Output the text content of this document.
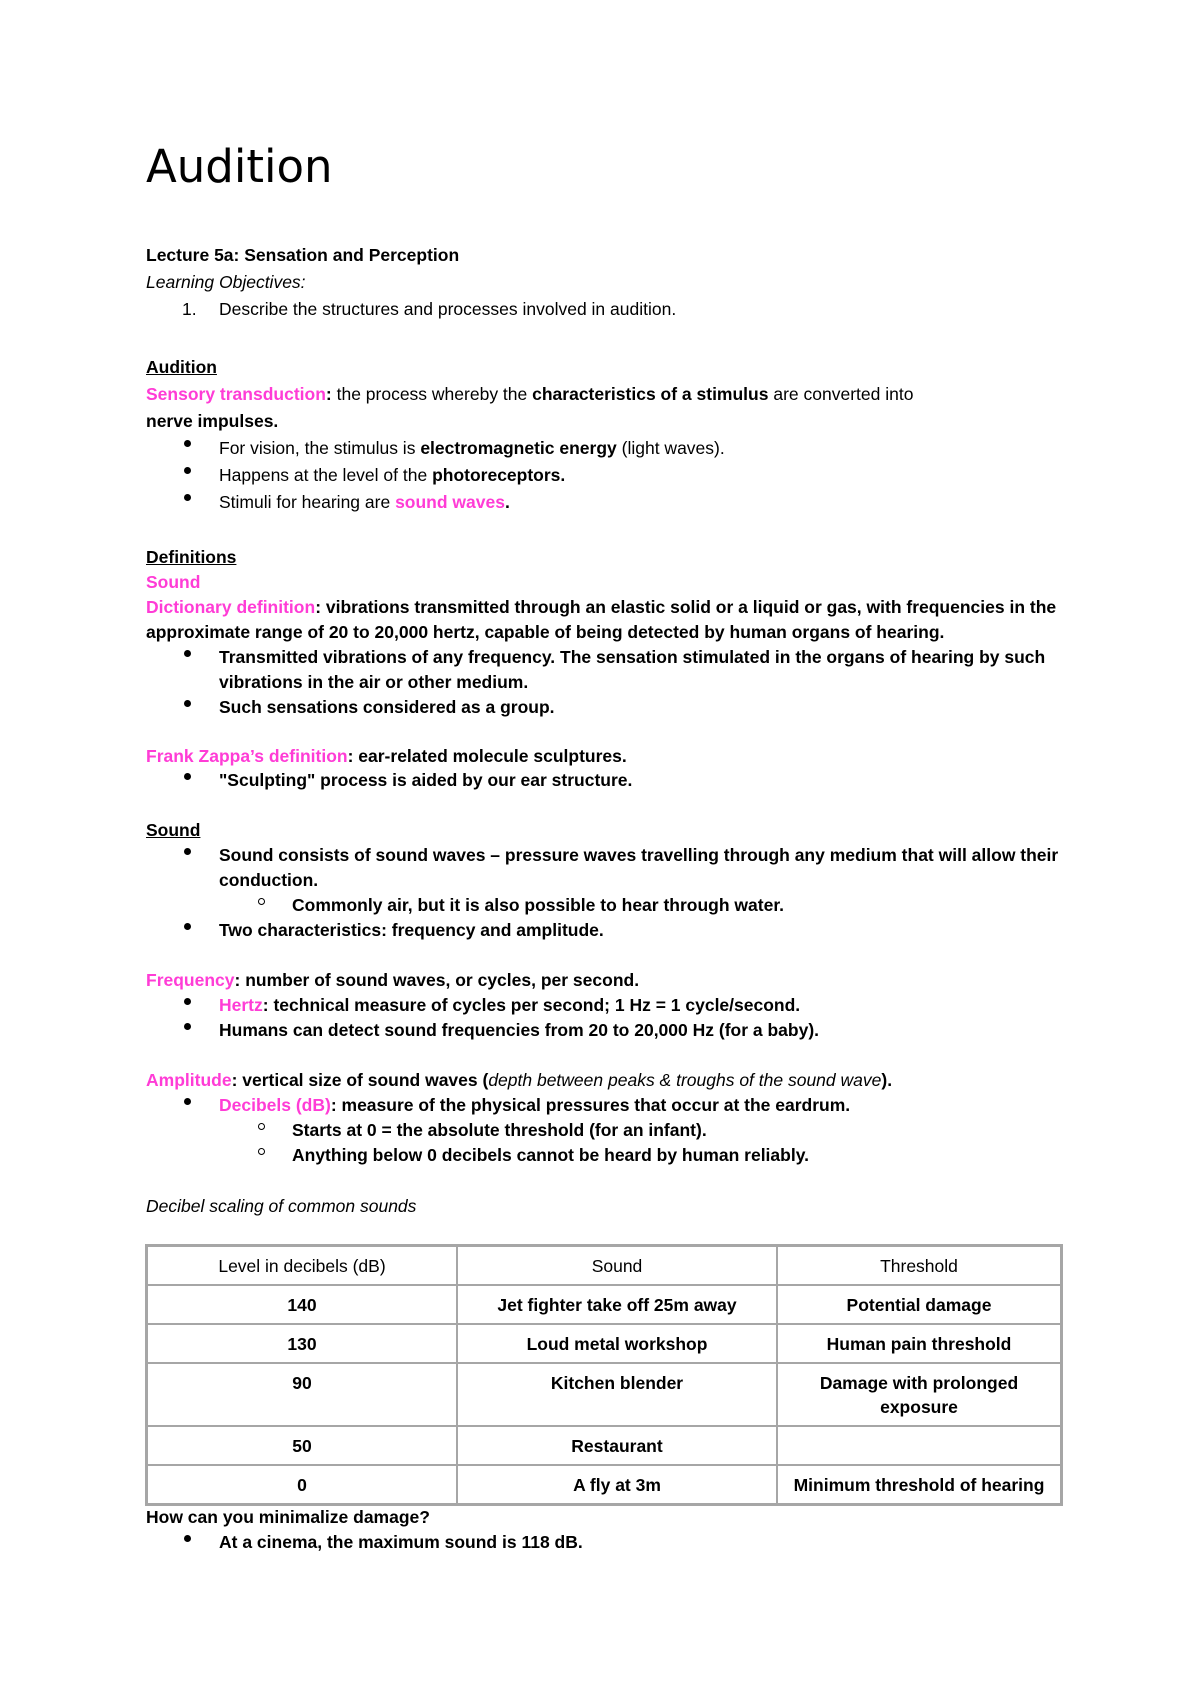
Audition
Lecture 5a: Sensation and Perception
Learning Objectives:
1. Describe the structures and processes involved in audition.
Audition
Sensory transduction: the process whereby the characteristics of a stimulus are converted into
nerve impulses.
For vision, the stimulus is electromagnetic energy (light waves).
Happens at the level of the photoreceptors.
Stimuli for hearing are sound waves.
Definitions
Sound
Dictionary definition: vibrations transmitted through an elastic solid or a liquid or gas, with frequencies in the
approximate range of 20 to 20,000 hertz, capable of being detected by human organs of hearing.
Transmitted vibrations of any frequency. The sensation stimulated in the organs of hearing by such
vibrations in the air or other medium.
Such sensations considered as a group.
Frank Zappa’s definition: ear-related molecule sculptures.
"Sculpting" process is aided by our ear structure.
Sound
Sound consists of sound waves – pressure waves travelling through any medium that will allow their
conduction.
Commonly air, but it is also possible to hear through water.
Two characteristics: frequency and amplitude.
Frequency: number of sound waves, or cycles, per second.
Hertz: technical measure of cycles per second; 1 Hz = 1 cycle/second.
Humans can detect sound frequencies from 20 to 20,000 Hz (for a baby).
Amplitude: vertical size of sound waves (depth between peaks & troughs of the sound wave).
Decibels (dB): measure of the physical pressures that occur at the eardrum.
Starts at 0 = the absolute threshold (for an infant).
Anything below 0 decibels cannot be heard by human reliably.
Decibel scaling of common sounds
Level in decibels (dB)	Sound	Threshold
140	Jet fighter take off 25m away	Potential damage
130	Loud metal workshop	Human pain threshold
90	Kitchen blender	Damage with prolonged exposure
50	Restaurant	
0	A fly at 3m	Minimum threshold of hearing
How can you minimalize damage?
At a cinema, the maximum sound is 118 dB.
